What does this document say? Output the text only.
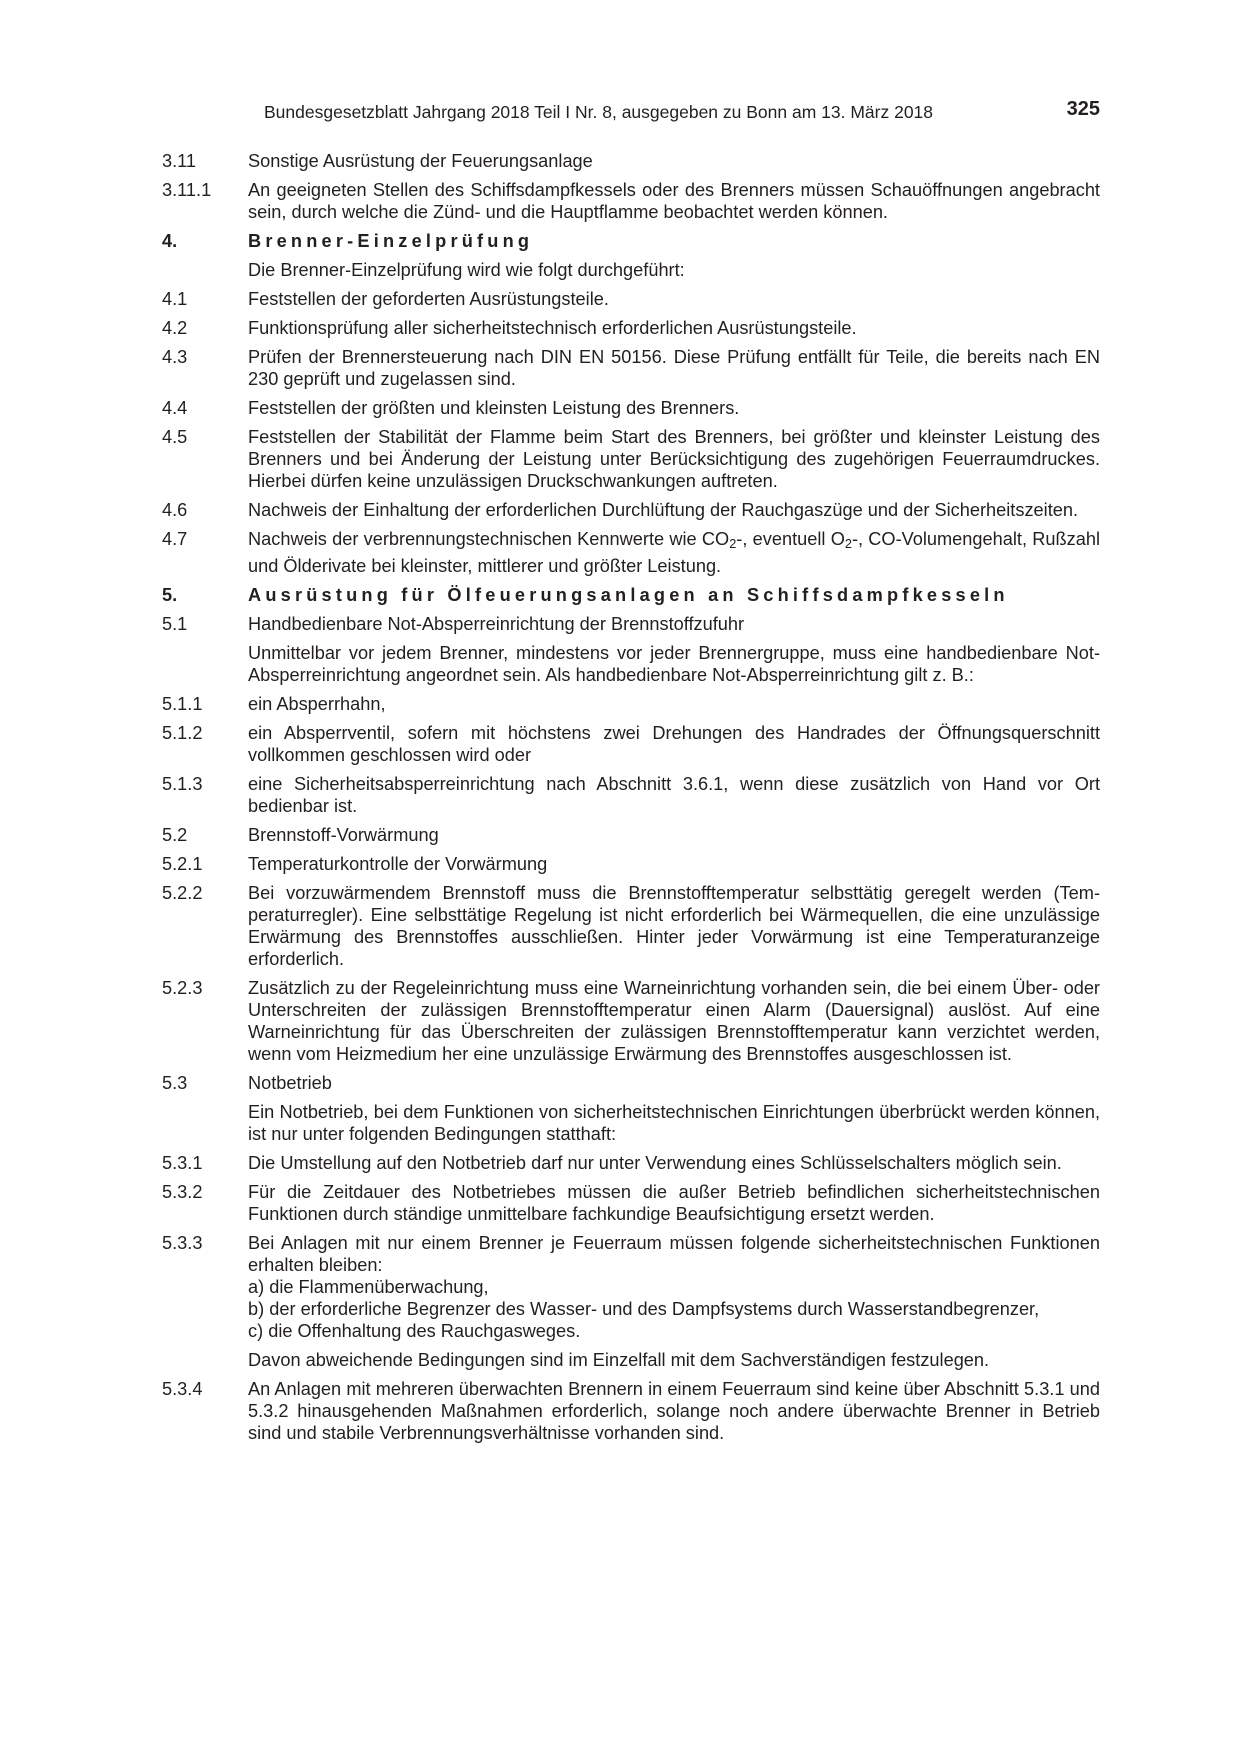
Bundesgesetzblatt Jahrgang 2018 Teil I Nr. 8, ausgegeben zu Bonn am 13. März 2018	325
3.11	Sonstige Ausrüstung der Feuerungsanlage
3.11.1	An geeigneten Stellen des Schiffsdampfkessels oder des Brenners müssen Schauöffnungen angebracht sein, durch welche die Zünd- und die Hauptflamme beobachtet werden können.
4.	Brenner-Einzelprüfung
Die Brenner-Einzelprüfung wird wie folgt durchgeführt:
4.1	Feststellen der geforderten Ausrüstungsteile.
4.2	Funktionsprüfung aller sicherheitstechnisch erforderlichen Ausrüstungsteile.
4.3	Prüfen der Brennersteuerung nach DIN EN 50156. Diese Prüfung entfällt für Teile, die bereits nach EN 230 geprüft und zugelassen sind.
4.4	Feststellen der größten und kleinsten Leistung des Brenners.
4.5	Feststellen der Stabilität der Flamme beim Start des Brenners, bei größter und kleinster Leistung des Brenners und bei Änderung der Leistung unter Berücksichtigung des zugehörigen Feuerraumdruckes. Hierbei dürfen keine unzulässigen Druckschwankungen auftreten.
4.6	Nachweis der Einhaltung der erforderlichen Durchlüftung der Rauchgaszüge und der Sicherheitszeiten.
4.7	Nachweis der verbrennungstechnischen Kennwerte wie $CO_2-$, eventuell $O_2-$, CO-Volumengehalt, Rußzahl und Ölderivate bei kleinster, mittlerer und größter Leistung.
5.	Ausrüstung für Ölfeuerungsanlagen an Schiffsdampfkesseln
5.1	Handbedienbare Not-Absperreinrichtung der Brennstoffzufuhr
Unmittelbar vor jedem Brenner, mindestens vor jeder Brennergruppe, muss eine handbedienbare Not-Absperreinrichtung angeordnet sein. Als handbedienbare Not-Absperreinrichtung gilt z. B.:
5.1.1	ein Absperrhahn,
5.1.2	ein Absperrventil, sofern mit höchstens zwei Drehungen des Handrades der Öffnungsquerschnitt vollkommen geschlossen wird oder
5.1.3	eine Sicherheitsabsperreinrichtung nach Abschnitt 3.6.1, wenn diese zusätzlich von Hand vor Ort bedienbar ist.
5.2	Brennstoff-Vorwärmung
5.2.1	Temperaturkontrolle der Vorwärmung
5.2.2	Bei vorzuwärmendem Brennstoff muss die Brennstofftemperatur selbsttätig geregelt werden (Temperaturregler). Eine selbsttätige Regelung ist nicht erforderlich bei Wärmequellen, die eine unzulässige Erwärmung des Brennstoffes ausschließen. Hinter jeder Vorwärmung ist eine Temperaturanzeige erforderlich.
5.2.3	Zusätzlich zu der Regeleinrichtung muss eine Warneinrichtung vorhanden sein, die bei einem Über- oder Unterschreiten der zulässigen Brennstofftemperatur einen Alarm (Dauersignal) auslöst. Auf eine Warneinrichtung für das Überschreiten der zulässigen Brennstofftemperatur kann verzichtet werden, wenn vom Heizmedium her eine unzulässige Erwärmung des Brennstoffes ausgeschlossen ist.
5.3	Notbetrieb
Ein Notbetrieb, bei dem Funktionen von sicherheitstechnischen Einrichtungen überbrückt werden können, ist nur unter folgenden Bedingungen statthaft:
5.3.1	Die Umstellung auf den Notbetrieb darf nur unter Verwendung eines Schlüsselschalters möglich sein.
5.3.2	Für die Zeitdauer des Notbetriebes müssen die außer Betrieb befindlichen sicherheitstechnischen Funktionen durch ständige unmittelbare fachkundige Beaufsichtigung ersetzt werden.
5.3.3	Bei Anlagen mit nur einem Brenner je Feuerraum müssen folgende sicherheitstechnischen Funktionen erhalten bleiben:
a) die Flammenüberwachung,
b) der erforderliche Begrenzer des Wasser- und des Dampfsystems durch Wasserstandbegrenzer,
c) die Offenhaltung des Rauchgasweges.
Davon abweichende Bedingungen sind im Einzelfall mit dem Sachverständigen festzulegen.
5.3.4	An Anlagen mit mehreren überwachten Brennern in einem Feuerraum sind keine über Abschnitt 5.3.1 und 5.3.2 hinausgehenden Maßnahmen erforderlich, solange noch andere überwachte Brenner in Betrieb sind und stabile Verbrennungsverhältnisse vorhanden sind.
